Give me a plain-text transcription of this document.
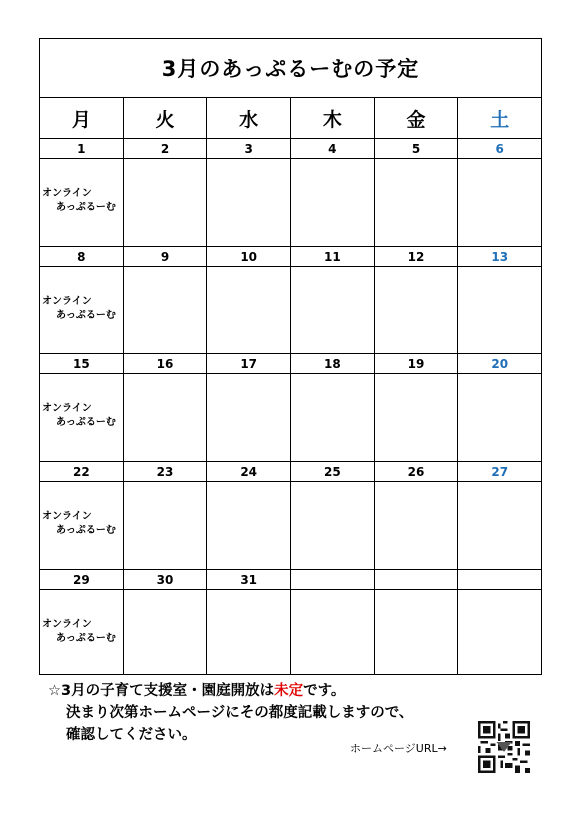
3月のあっぷるーむの予定
月	火	水	木	金	土
1	2	3	4	5	6
オンライン
あっぷるーむ
8	9	10	11	12	13
オンライン
あっぷるーむ
15	16	17	18	19	20
オンライン
あっぷるーむ
22	23	24	25	26	27
オンライン
あっぷるーむ
29	30	31
オンライン
あっぷるーむ
☆3月の子育て支援室・園庭開放は未定です。
決まり次第ホームページにその都度記載しますので、
確認してください。
ホームページURL→
